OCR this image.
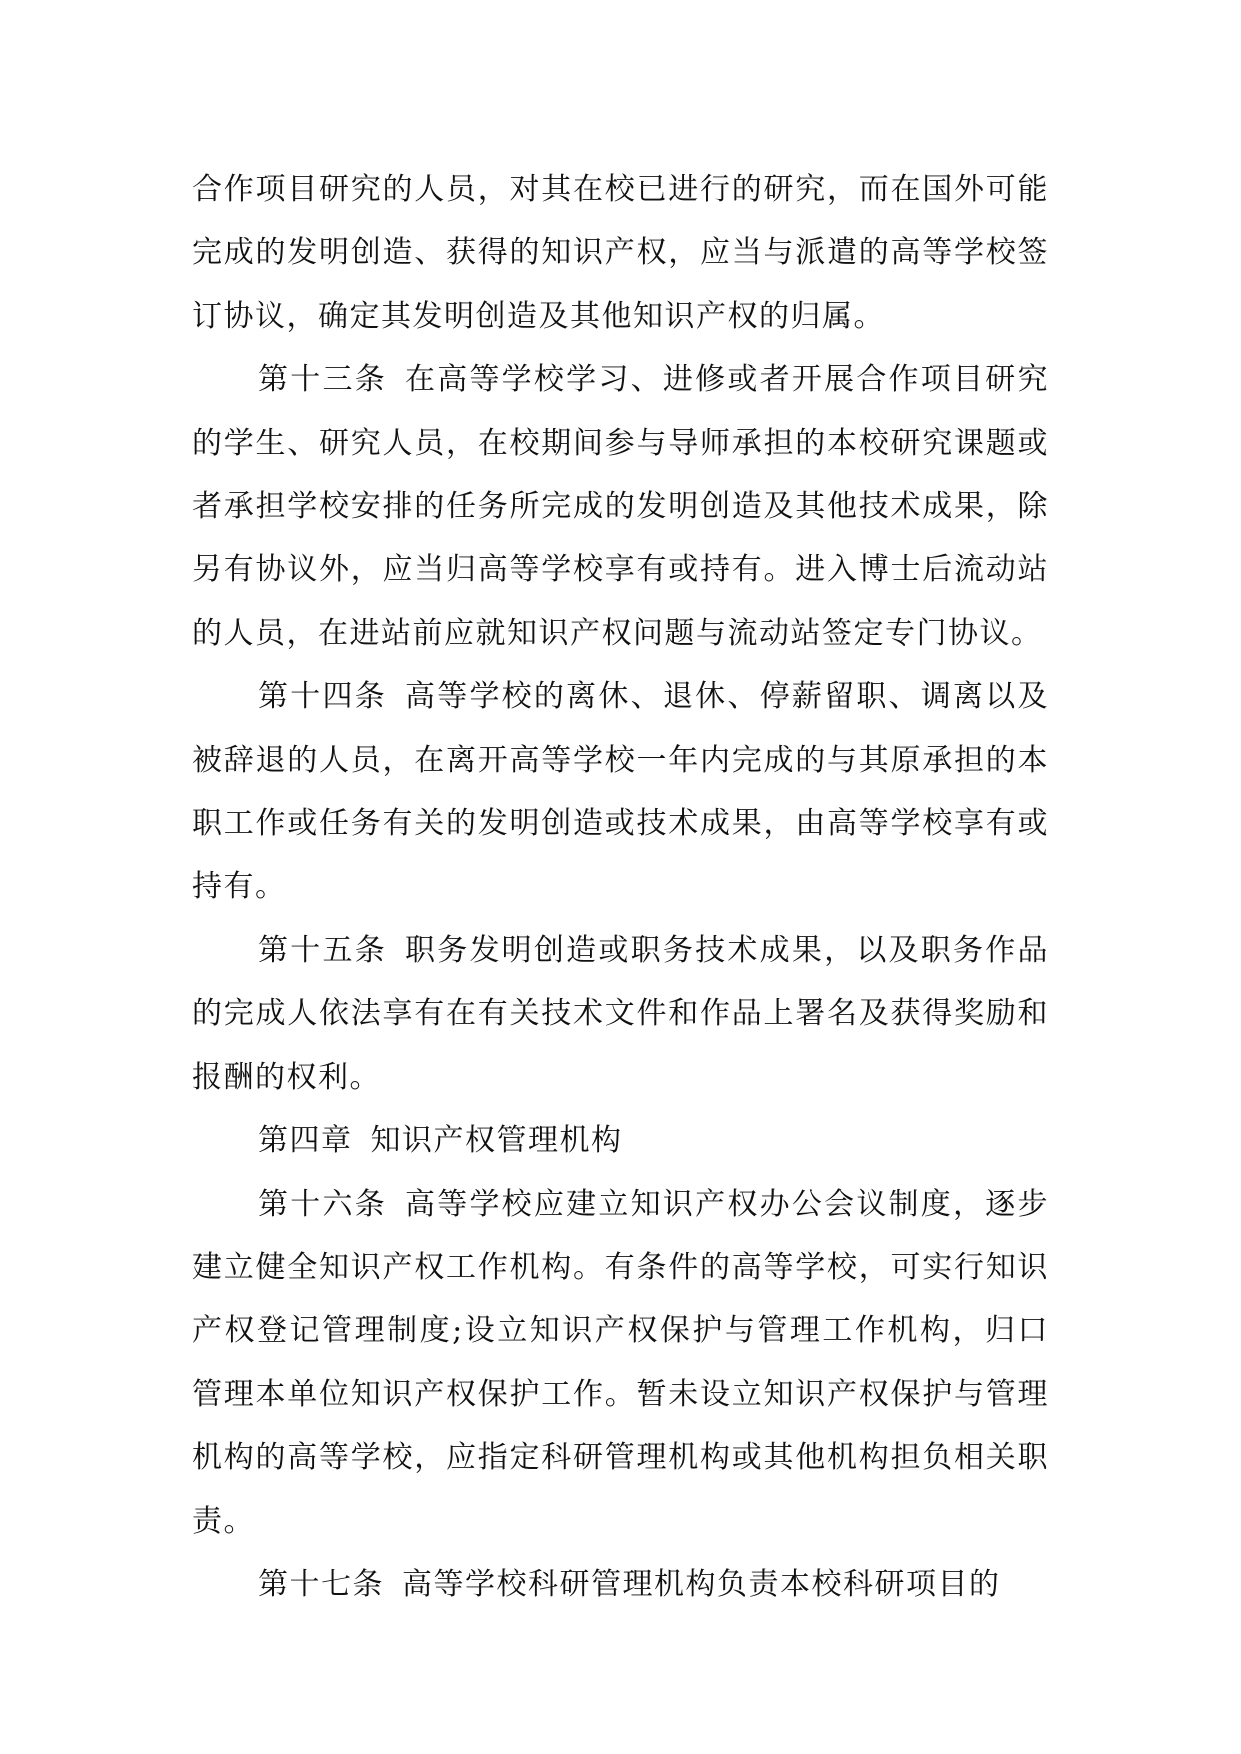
合作项目研究的人员，对其在校已进行的研究，而在国外可能完成的发明创造、获得的知识产权，应当与派遣的高等学校签订协议，确定其发明创造及其他知识产权的归属。

第十三条 在高等学校学习、进修或者开展合作项目研究的学生、研究人员，在校期间参与导师承担的本校研究课题或者承担学校安排的任务所完成的发明创造及其他技术成果，除另有协议外，应当归高等学校享有或持有。进入博士后流动站的人员，在进站前应就知识产权问题与流动站签定专门协议。

第十四条 高等学校的离休、退休、停薪留职、调离以及被辞退的人员，在离开高等学校一年内完成的与其原承担的本职工作或任务有关的发明创造或技术成果，由高等学校享有或持有。

第十五条 职务发明创造或职务技术成果，以及职务作品的完成人依法享有在有关技术文件和作品上署名及获得奖励和报酬的权利。

第四章 知识产权管理机构

第十六条 高等学校应建立知识产权办公会议制度，逐步建立健全知识产权工作机构。有条件的高等学校，可实行知识产权登记管理制度;设立知识产权保护与管理工作机构，归口管理本单位知识产权保护工作。暂未设立知识产权保护与管理机构的高等学校，应指定科研管理机构或其他机构担负相关职责。

第十七条 高等学校科研管理机构负责本校科研项目的
